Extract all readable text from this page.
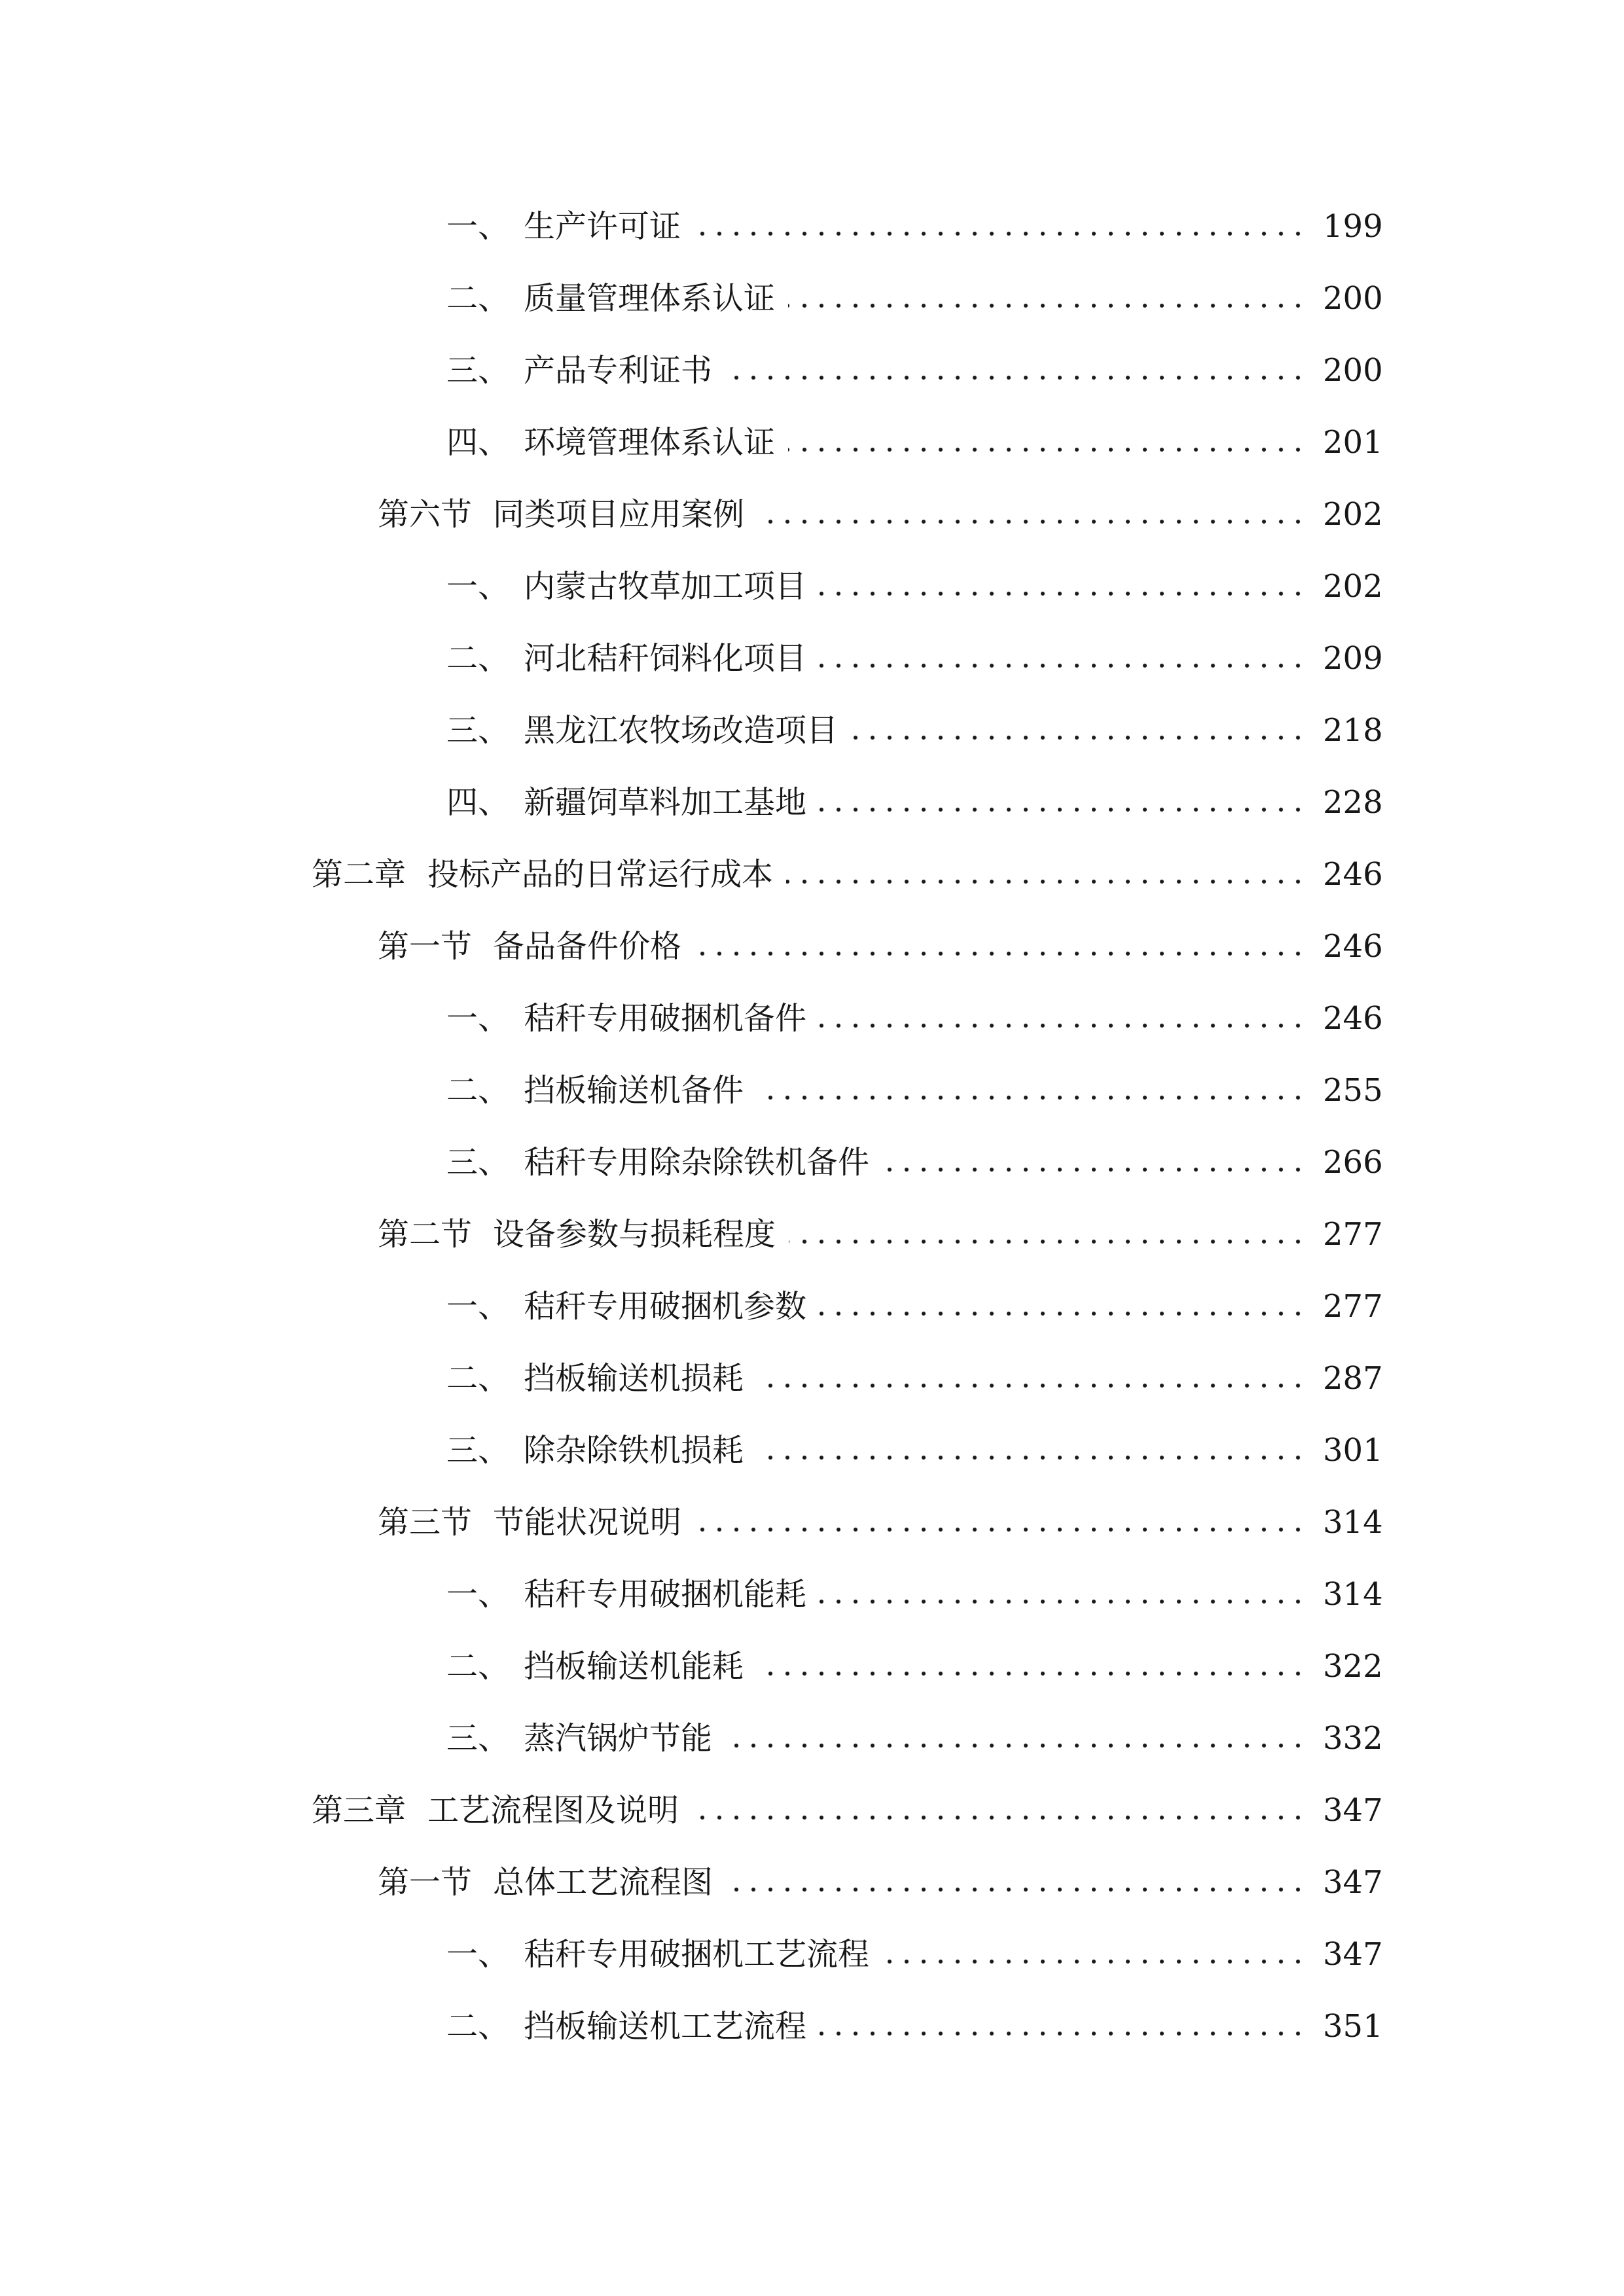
一、 生产许可证	199
二、 质量管理体系认证	200
三、 产品专利证书	200
四、 环境管理体系认证	201
第六节 同类项目应用案例	202
一、 内蒙古牧草加工项目	202
二、 河北秸秆饲料化项目	209
三、 黑龙江农牧场改造项目	218
四、 新疆饲草料加工基地	228
第二章 投标产品的日常运行成本	246
第一节 备品备件价格	246
一、 秸秆专用破捆机备件	246
二、 挡板输送机备件	255
三、 秸秆专用除杂除铁机备件	266
第二节 设备参数与损耗程度	277
一、 秸秆专用破捆机参数	277
二、 挡板输送机损耗	287
三、 除杂除铁机损耗	301
第三节 节能状况说明	314
一、 秸秆专用破捆机能耗	314
二、 挡板输送机能耗	322
三、 蒸汽锅炉节能	332
第三章 工艺流程图及说明	347
第一节 总体工艺流程图	347
一、 秸秆专用破捆机工艺流程	347
二、 挡板输送机工艺流程	351
